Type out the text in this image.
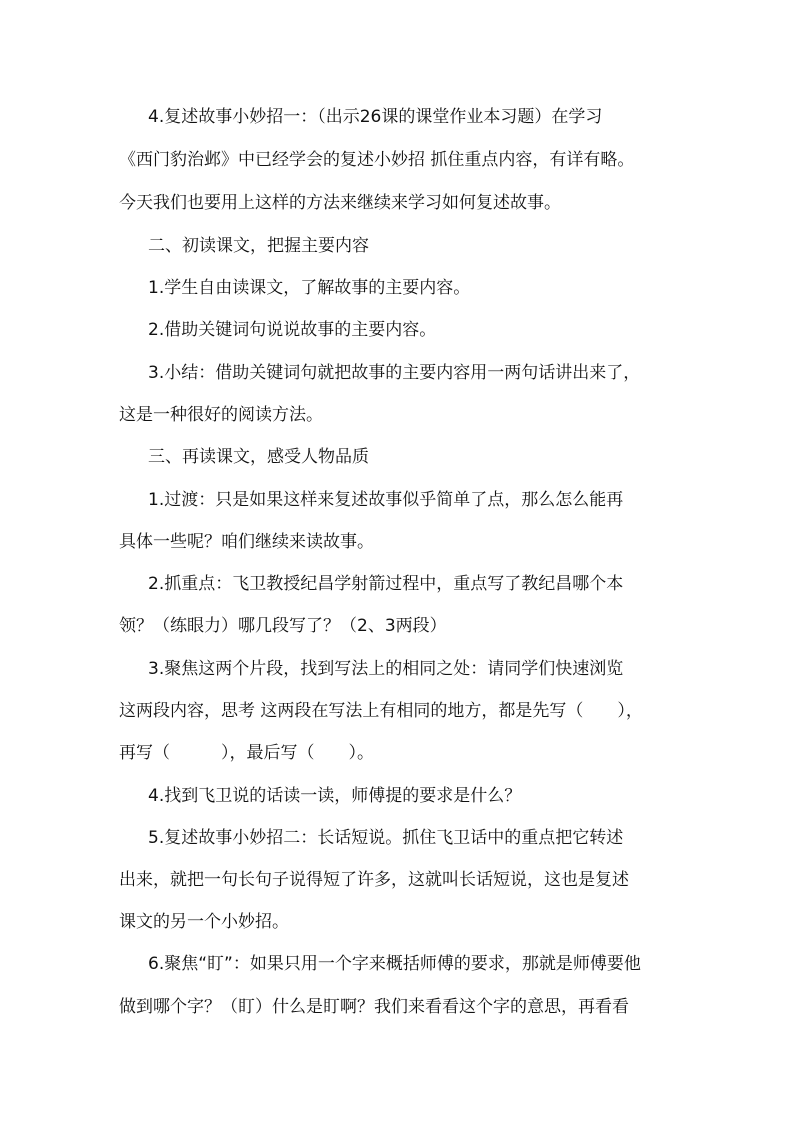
4.复述故事小妙招一：（出示26课的课堂作业本习题）在学习
《西门豹治邺》中已经学会的复述小妙招 抓住重点内容，有详有略。
今天我们也要用上这样的方法来继续来学习如何复述故事。
二、初读课文，把握主要内容
1.学生自由读课文，了解故事的主要内容。
2.借助关键词句说说故事的主要内容。
3.小结：借助关键词句就把故事的主要内容用一两句话讲出来了，
这是一种很好的阅读方法。
三、再读课文，感受人物品质
1.过渡：只是如果这样来复述故事似乎简单了点，那么怎么能再
具体一些呢？咱们继续来读故事。
2.抓重点：飞卫教授纪昌学射箭过程中，重点写了教纪昌哪个本
领？（练眼力）哪几段写了？（2、3两段）
3.聚焦这两个片段，找到写法上的相同之处：请同学们快速浏览
这两段内容，思考 这两段在写法上有相同的地方，都是先写（　　），
再写（　　　），最后写（　　）。
4.找到飞卫说的话读一读，师傅提的要求是什么？
5.复述故事小妙招二：长话短说。抓住飞卫话中的重点把它转述
出来，就把一句长句子说得短了许多，这就叫长话短说，这也是复述
课文的另一个小妙招。
6.聚焦“盯”：如果只用一个字来概括师傅的要求，那就是师傅要他
做到哪个字？（盯）什么是盯啊？我们来看看这个字的意思，再看看
